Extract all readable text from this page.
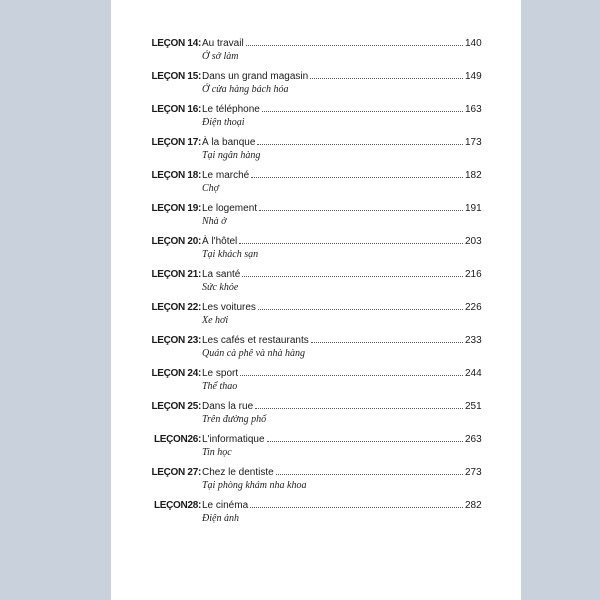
LEÇON 14: Au travail	140
Ở sở làm
LEÇON 15: Dans un grand magasin	149
Ở cửa hàng bách hóa
LEÇON 16: Le téléphone	163
Điện thoại
LEÇON 17: À la banque	173
Tại ngân hàng
LEÇON 18: Le marché	182
Chợ
LEÇON 19: Le logement	191
Nhà ở
LEÇON 20: À l'hôtel	203
Tại khách sạn
LEÇON 21: La santé	216
Sức khỏe
LEÇON 22: Les voitures	226
Xe hơi
LEÇON 23: Les cafés et restaurants	233
Quán cà phê và nhà hàng
LEÇON 24: Le sport	244
Thể thao
LEÇON 25: Dans la rue	251
Trên đường phố
LEÇON26: L'informatique	263
Tin học
LEÇON 27: Chez le dentiste	273
Tại phòng khám nha khoa
LEÇON28: Le cinéma	282
Điện ảnh
